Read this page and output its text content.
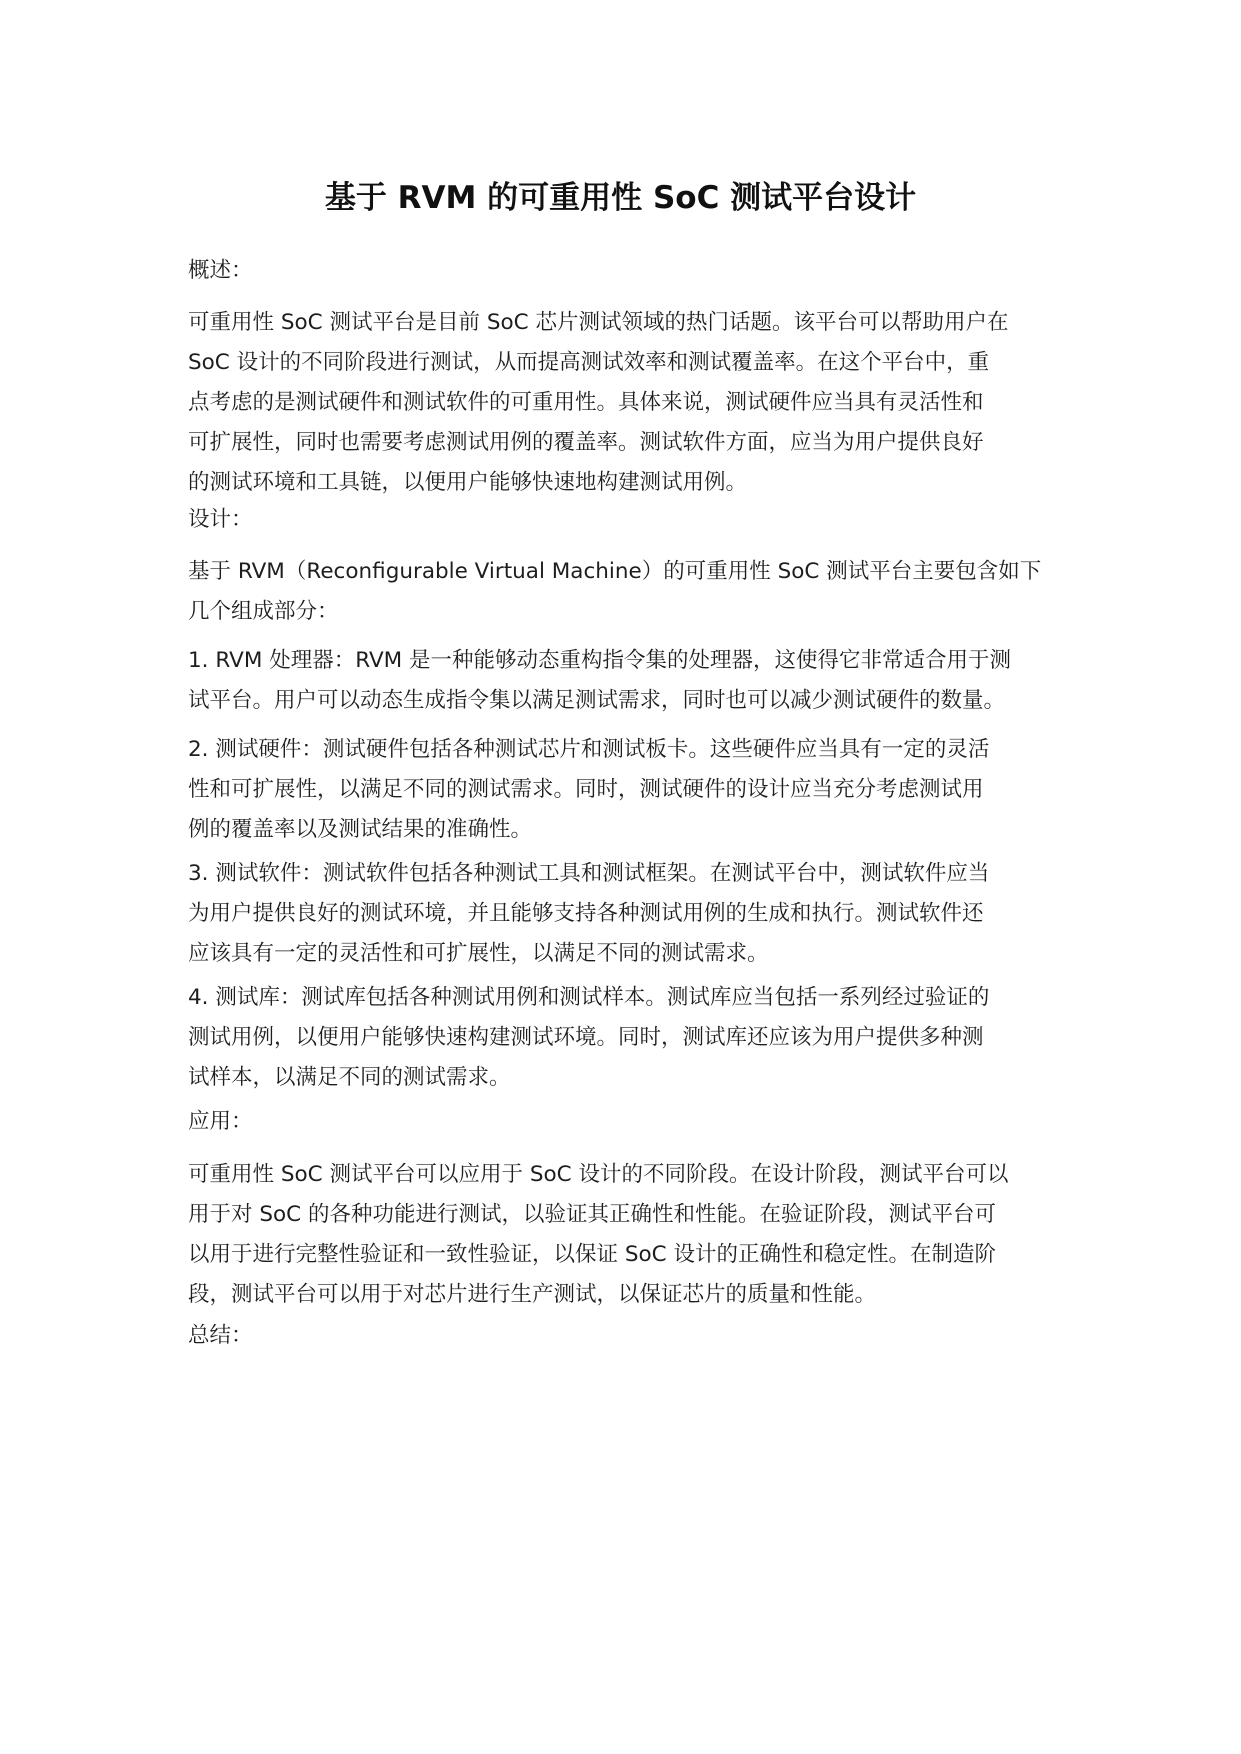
基于 RVM 的可重用性 SoC 测试平台设计
概述：
可重用性 SoC 测试平台是目前 SoC 芯片测试领域的热门话题。该平台可以帮助用户在
SoC 设计的不同阶段进行测试，从而提高测试效率和测试覆盖率。在这个平台中，重
点考虑的是测试硬件和测试软件的可重用性。具体来说，测试硬件应当具有灵活性和
可扩展性，同时也需要考虑测试用例的覆盖率。测试软件方面，应当为用户提供良好
的测试环境和工具链，以便用户能够快速地构建测试用例。
设计：
基于 RVM（Reconfigurable Virtual Machine）的可重用性 SoC 测试平台主要包含如下
几个组成部分：
1. RVM 处理器：RVM 是一种能够动态重构指令集的处理器，这使得它非常适合用于测
试平台。用户可以动态生成指令集以满足测试需求，同时也可以减少测试硬件的数量。
2. 测试硬件：测试硬件包括各种测试芯片和测试板卡。这些硬件应当具有一定的灵活
性和可扩展性，以满足不同的测试需求。同时，测试硬件的设计应当充分考虑测试用
例的覆盖率以及测试结果的准确性。
3. 测试软件：测试软件包括各种测试工具和测试框架。在测试平台中，测试软件应当
为用户提供良好的测试环境，并且能够支持各种测试用例的生成和执行。测试软件还
应该具有一定的灵活性和可扩展性，以满足不同的测试需求。
4. 测试库：测试库包括各种测试用例和测试样本。测试库应当包括一系列经过验证的
测试用例，以便用户能够快速构建测试环境。同时，测试库还应该为用户提供多种测
试样本，以满足不同的测试需求。
应用：
可重用性 SoC 测试平台可以应用于 SoC 设计的不同阶段。在设计阶段，测试平台可以
用于对 SoC 的各种功能进行测试，以验证其正确性和性能。在验证阶段，测试平台可
以用于进行完整性验证和一致性验证，以保证 SoC 设计的正确性和稳定性。在制造阶
段，测试平台可以用于对芯片进行生产测试，以保证芯片的质量和性能。
总结：
